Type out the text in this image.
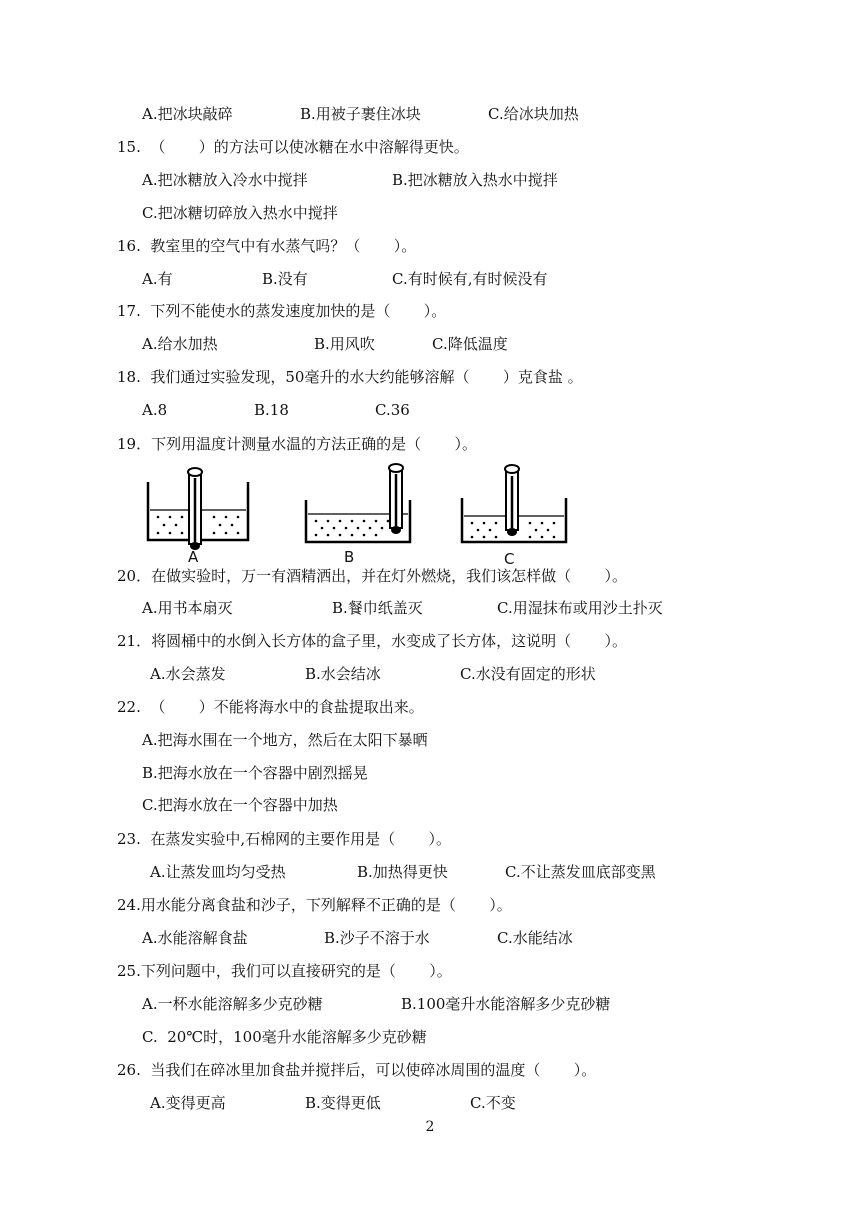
A.把冰块敲碎

	B.用被子裹住冰块

	C.给冰块加热

15.  （       ）的方法可以使冰糖在水中溶解得更快。

A.把冰糖放入冷水中搅拌

	B.把冰糖放入热水中搅拌

C.把冰糖切碎放入热水中搅拌
16.  教室里的空气中有水蒸气吗？（       ）。

A.有

	B.没有

	C.有时候有,有时候没有

17.  下列不能使水的蒸发速度加快的是（       ）。

A.给水加热

	B.用风吹

	C.降低温度

18.  我们通过实验发现，50毫升的水大约能够溶解（       ）克食盐 。

A.8

	B.18

	C.36

19．下列用温度计测量水温的方法正确的是（       ）。
A	B	C
20．在做实验时，万一有酒精洒出，并在灯外燃烧，我们该怎样做（       ）。

A.用书本扇灭

	B.餐巾纸盖灭

	C.用湿抹布或用沙土扑灭

21．将圆桶中的水倒入长方体的盒子里，水变成了长方体，这说明（       ）。

A.水会蒸发

	B.水会结冰

	C.水没有固定的形状

22.  （       ）不能将海水中的食盐提取出来。
A.把海水围在一个地方，然后在太阳下暴晒
B.把海水放在一个容器中剧烈摇晃
C.把海水放在一个容器中加热
23.  在蒸发实验中,石棉网的主要作用是（       ）。

A.让蒸发皿均匀受热

	B.加热得更快

	C.不让蒸发皿底部变黑

24.用水能分离食盐和沙子，下列解释不正确的是（       ）。

A.水能溶解食盐

	B.沙子不溶于水

	C.水能结冰

25.下列问题中，我们可以直接研究的是（       ）。

A.一杯水能溶解多少克砂糖

	B.100毫升水能溶解多少克砂糖

C.  20℃时，100毫升水能溶解多少克砂糖
26.  当我们在碎冰里加食盐并搅拌后，可以使碎冰周围的温度（       ）。

A.变得更高

	B.变得更低

	C.不变

2
